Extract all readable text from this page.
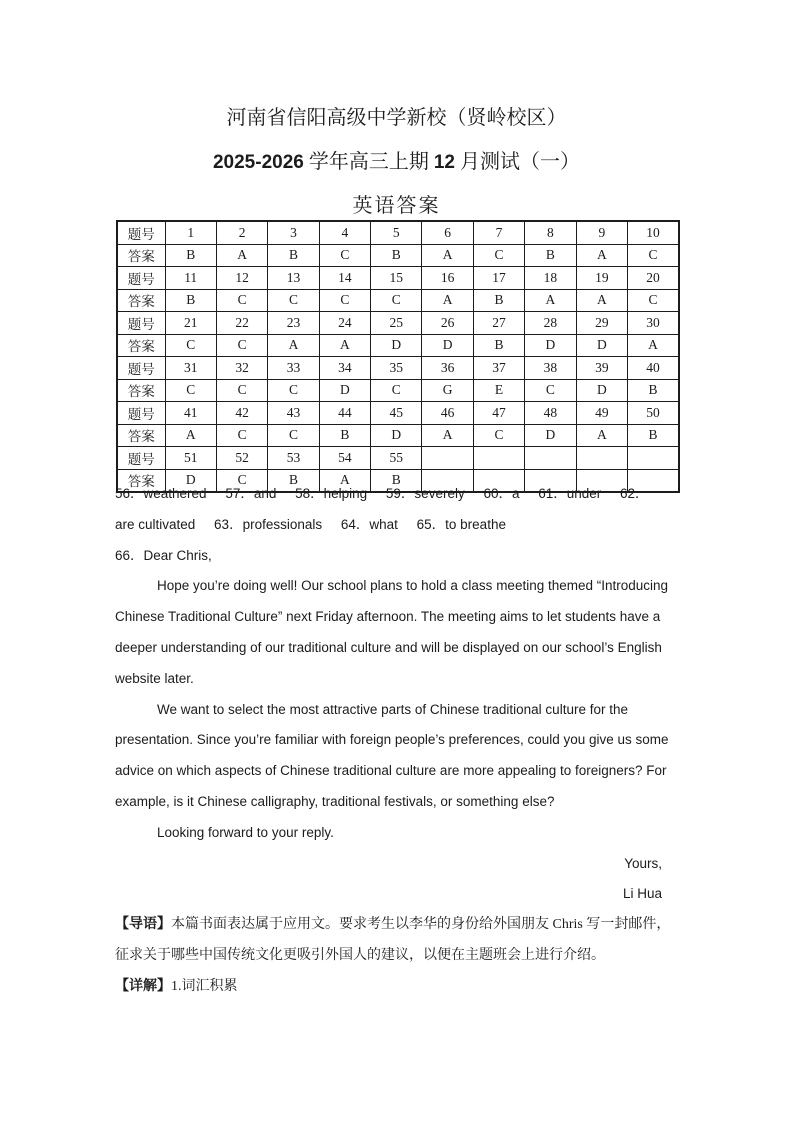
河南省信阳高级中学新校（贤岭校区）
2025-2026 学年高三上期 12 月测试（一）
英语答案
题号	1	2	3	4	5	6	7	8	9	10
答案	B	A	B	C	B	A	C	B	A	C
题号	11	12	13	14	15	16	17	18	19	20
答案	B	C	C	C	C	A	B	A	A	C
题号	21	22	23	24	25	26	27	28	29	30
答案	C	C	A	A	D	D	B	D	D	A
题号	31	32	33	34	35	36	37	38	39	40
答案	C	C	C	D	C	G	E	C	D	B
题号	41	42	43	44	45	46	47	48	49	50
答案	A	C	C	B	D	A	C	D	A	B
题号	51	52	53	54	55					
答案	D	C	B	A	B					
56．weathered     57．and     58．helping     59．severely     60．a     61．under     62．
are cultivated     63．professionals     64．what     65．to breathe
66．Dear Chris,
Hope you’re doing well! Our school plans to hold a class meeting themed “Introducing
Chinese Traditional Culture” next Friday afternoon. The meeting aims to let students have a
deeper understanding of our traditional culture and will be displayed on our school’s English
website later.
We want to select the most attractive parts of Chinese traditional culture for the
presentation. Since you’re familiar with foreign people’s preferences, could you give us some
advice on which aspects of Chinese traditional culture are more appealing to foreigners? For
example, is it Chinese calligraphy, traditional festivals, or something else?
Looking forward to your reply.
Yours,
Li Hua
【导语】本篇书面表达属于应用文。要求考生以李华的身份给外国朋友 Chris 写一封邮件，
征求关于哪些中国传统文化更吸引外国人的建议，以便在主题班会上进行介绍。
【详解】1.词汇积累
